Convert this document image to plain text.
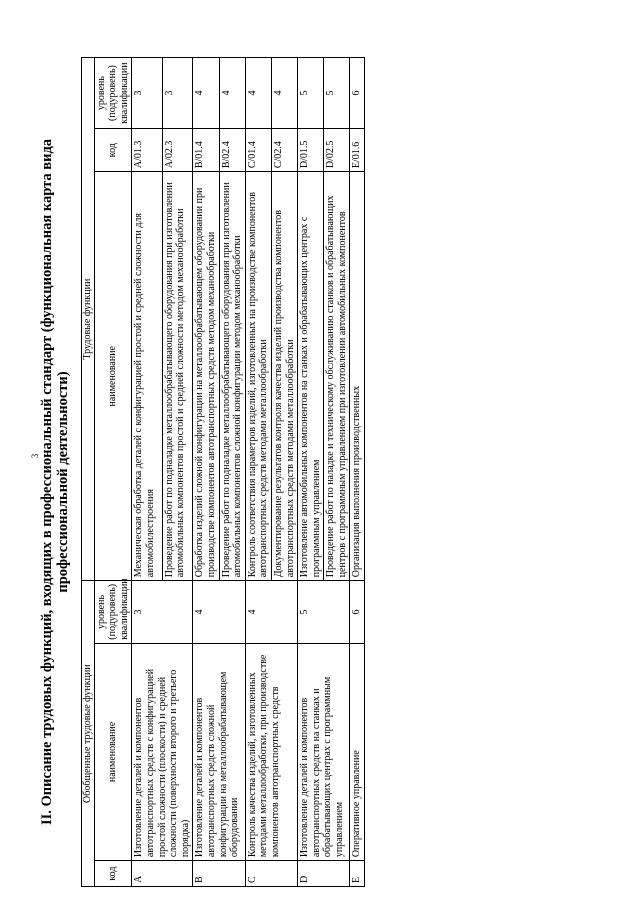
3 II. Описание трудовых функций, входящих в профессиональный стандарт (функциональная карта вида
профессиональной деятельности)
Обобщенные трудовые функции			Трудовые функции		
код	наименование	уровень (подуровень) квалификации	наименование	код	уровень (подуровень) квалификации
A	Изготовление деталей и компонентов автотранспортных средств с конфигурацией простой сложности (плоскости) и средней сложности (поверхности второго и третьего порядка)	3	Механическая обработка деталей с конфигурацией простой и средней сложности для автомобилестроения	A/01.3	3
			Проведение работ по подналадке металлообрабатывающего оборудования при изготовлении автомобильных компонентов простой и средней сложности методом механообработки	A/02.3	3
B	Изготовление деталей и компонентов автотранспортных средств сложной конфигурации на металлообрабатывающем оборудовании	4	Обработка изделий сложной конфигурации на металлообрабатывающем оборудовании при производстве компонентов автотранспортных средств методом механообработки	B/01.4	4
			Проведение работ по подналадке металлообрабатывающего оборудования при изготовлении автомобильных компонентов сложной конфигурации методом механообработки	B/02.4	4
C	Контроль качества изделий, изготовленных методами металлообработки, при производстве компонентов автотранспортных средств	4	Контроль соответствия параметров изделий, изготовленных на производстве компонентов автотранспортных средств методами металлообработки	C/01.4	4
			Документирование результатов контроля качества изделий производства компонентов автотранспортных средств методами металлообработки	C/02.4	4
D	Изготовление деталей и компонентов автотранспортных средств на станках и обрабатывающих центрах с программным управлением	5	Изготовление автомобильных компонентов на станках и обрабатывающих центрах с программным управлением	D/01.5	5
			Проведение работ по наладке и техническому обслуживанию станков и обрабатывающих центров с программным управлением при изготовлении автомобильных компонентов	D/02.5	5
E	Оперативное управление	6	Организация выполнения производственных	E/01.6	6
